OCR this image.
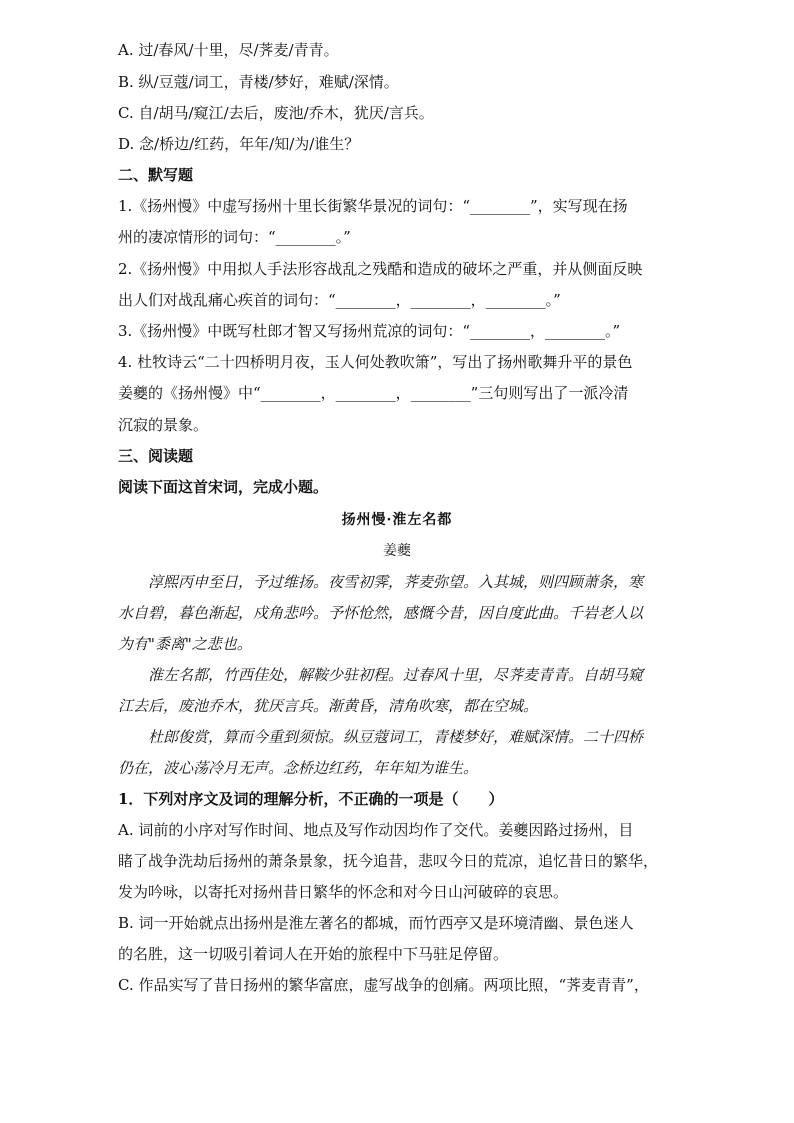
A. 过/春风/十里，尽/荠麦/青青。
B. 纵/豆蔻/词工，青楼/梦好，难赋/深情。
C. 自/胡马/窥江/去后，废池/乔木，犹厌/言兵。
D. 念/桥边/红药，年年/知/为/谁生？
二、默写题
1.《扬州慢》中虚写扬州十里长街繁华景况的词句：“________”，实写现在扬
州的凄凉情形的词句：“________。”
2.《扬州慢》中用拟人手法形容战乱之残酷和造成的破坏之严重，并从侧面反映
出人们对战乱痛心疾首的词句：“________，________，________。”
3.《扬州慢》中既写杜郎才智又写扬州荒凉的词句：“________，________。”
4. 杜牧诗云“二十四桥明月夜，玉人何处教吹箫”，写出了扬州歌舞升平的景色
姜夔的《扬州慢》中“________，________，________”三句则写出了一派冷清
沉寂的景象。
三、阅读题
阅读下面这首宋词，完成小题。
扬州慢·淮左名都
姜夔
淳熙丙申至日，予过维扬。夜雪初霁，荠麦弥望。入其城，则四顾萧条，寒
水自碧，暮色渐起，戍角悲吟。予怀怆然，感慨今昔，因自度此曲。千岩老人以
为有"黍离"之悲也。
淮左名都，竹西佳处，解鞍少驻初程。过春风十里，尽荠麦青青。自胡马窥
江去后，废池乔木，犹厌言兵。渐黄昏，清角吹寒，都在空城。
杜郎俊赏，算而今重到须惊。纵豆蔻词工，青楼梦好，难赋深情。二十四桥
仍在，波心荡冷月无声。念桥边红药，年年知为谁生。
1．下列对序文及词的理解分析，不正确的一项是（　　）
A. 词前的小序对写作时间、地点及写作动因均作了交代。姜夔因路过扬州，目
睹了战争洗劫后扬州的萧条景象，抚今追昔，悲叹今日的荒凉，追忆昔日的繁华，
发为吟咏，以寄托对扬州昔日繁华的怀念和对今日山河破碎的哀思。
B. 词一开始就点出扬州是淮左著名的都城，而竹西亭又是环境清幽、景色迷人
的名胜，这一切吸引着词人在开始的旅程中下马驻足停留。
C. 作品实写了昔日扬州的繁华富庶，虚写战争的创痛。两项比照，“荠麦青青”，
